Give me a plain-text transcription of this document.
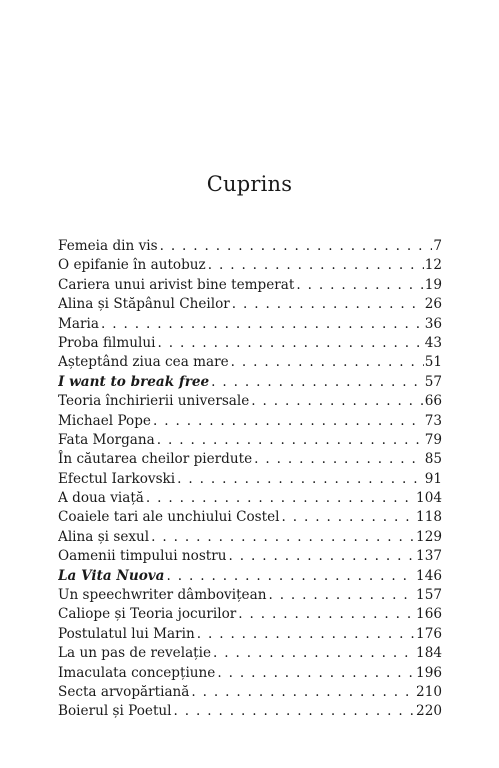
Cuprins
Femeia din vis . . .	7
O epifanie în autobuz . . .	12
Cariera unui arivist bine temperat . . .	19
Alina și Stăpânul Cheilor . . .	26
Maria . . .	36
Proba filmului . . .	43
Așteptând ziua cea mare . . .	51
I want to break free . . .	57
Teoria închirierii universale . . .	66
Michael Pope . . .	73
Fata Morgana . . .	79
În căutarea cheilor pierdute . . .	85
Efectul Iarkovski . . .	91
A doua viață . . .	104
Coaiele tari ale unchiului Costel . . .	118
Alina și sexul . . .	129
Oamenii timpului nostru . . .	137
La Vita Nuova . . .	146
Un speechwriter dâmbovițean . . .	157
Caliope și Teoria jocurilor . . .	166
Postulatul lui Marin . . .	176
La un pas de revelație . . .	184
Imaculata concepțiune . . .	196
Secta arvopărtiană . . .	210
Boierul și Poetul . . .	220
